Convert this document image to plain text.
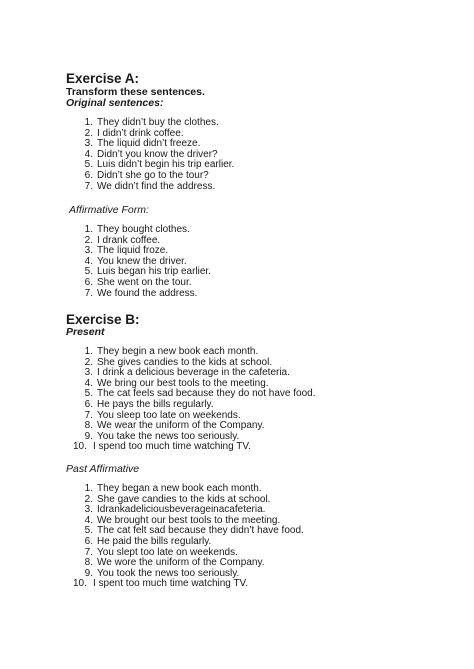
Exercise A:
Transform these sentences.
Original sentences:
1. They didn’t buy the clothes.
2. I didn’t drink coffee.
3. The liquid didn’t freeze.
4. Didn’t you know the driver?
5. Luis didn’t begin his trip earlier.
6. Didn’t she go to the tour?
7. We didn’t find the address.
Affirmative Form:
1. They bought clothes.
2. I drank coffee.
3. The liquid froze.
4. You knew the driver.
5. Luis began his trip earlier.
6. She went on the tour.
7. We found the address.
Exercise B:
Present
1. They begin a new book each month.
2. She gives candies to the kids at school.
3. I drink a delicious beverage in the cafeteria.
4. We bring our best tools to the meeting.
5. The cat feels sad because they do not have food.
6. He pays the bills regularly.
7. You sleep too late on weekends.
8. We wear the uniform of the Company.
9. You take the news too seriously.
10. I spend too much time watching TV.
Past Affirmative
1. They began a new book each month.
2. She gave candies to the kids at school.
3. Idrankadeliciousbeverageinacafeteria.
4. We brought our best tools to the meeting.
5. The cat felt sad because they didn’t have food.
6. He paid the bills regularly.
7. You slept too late on weekends.
8. We wore the uniform of the Company.
9. You took the news too seriously.
10. I spent too much time watching TV.
